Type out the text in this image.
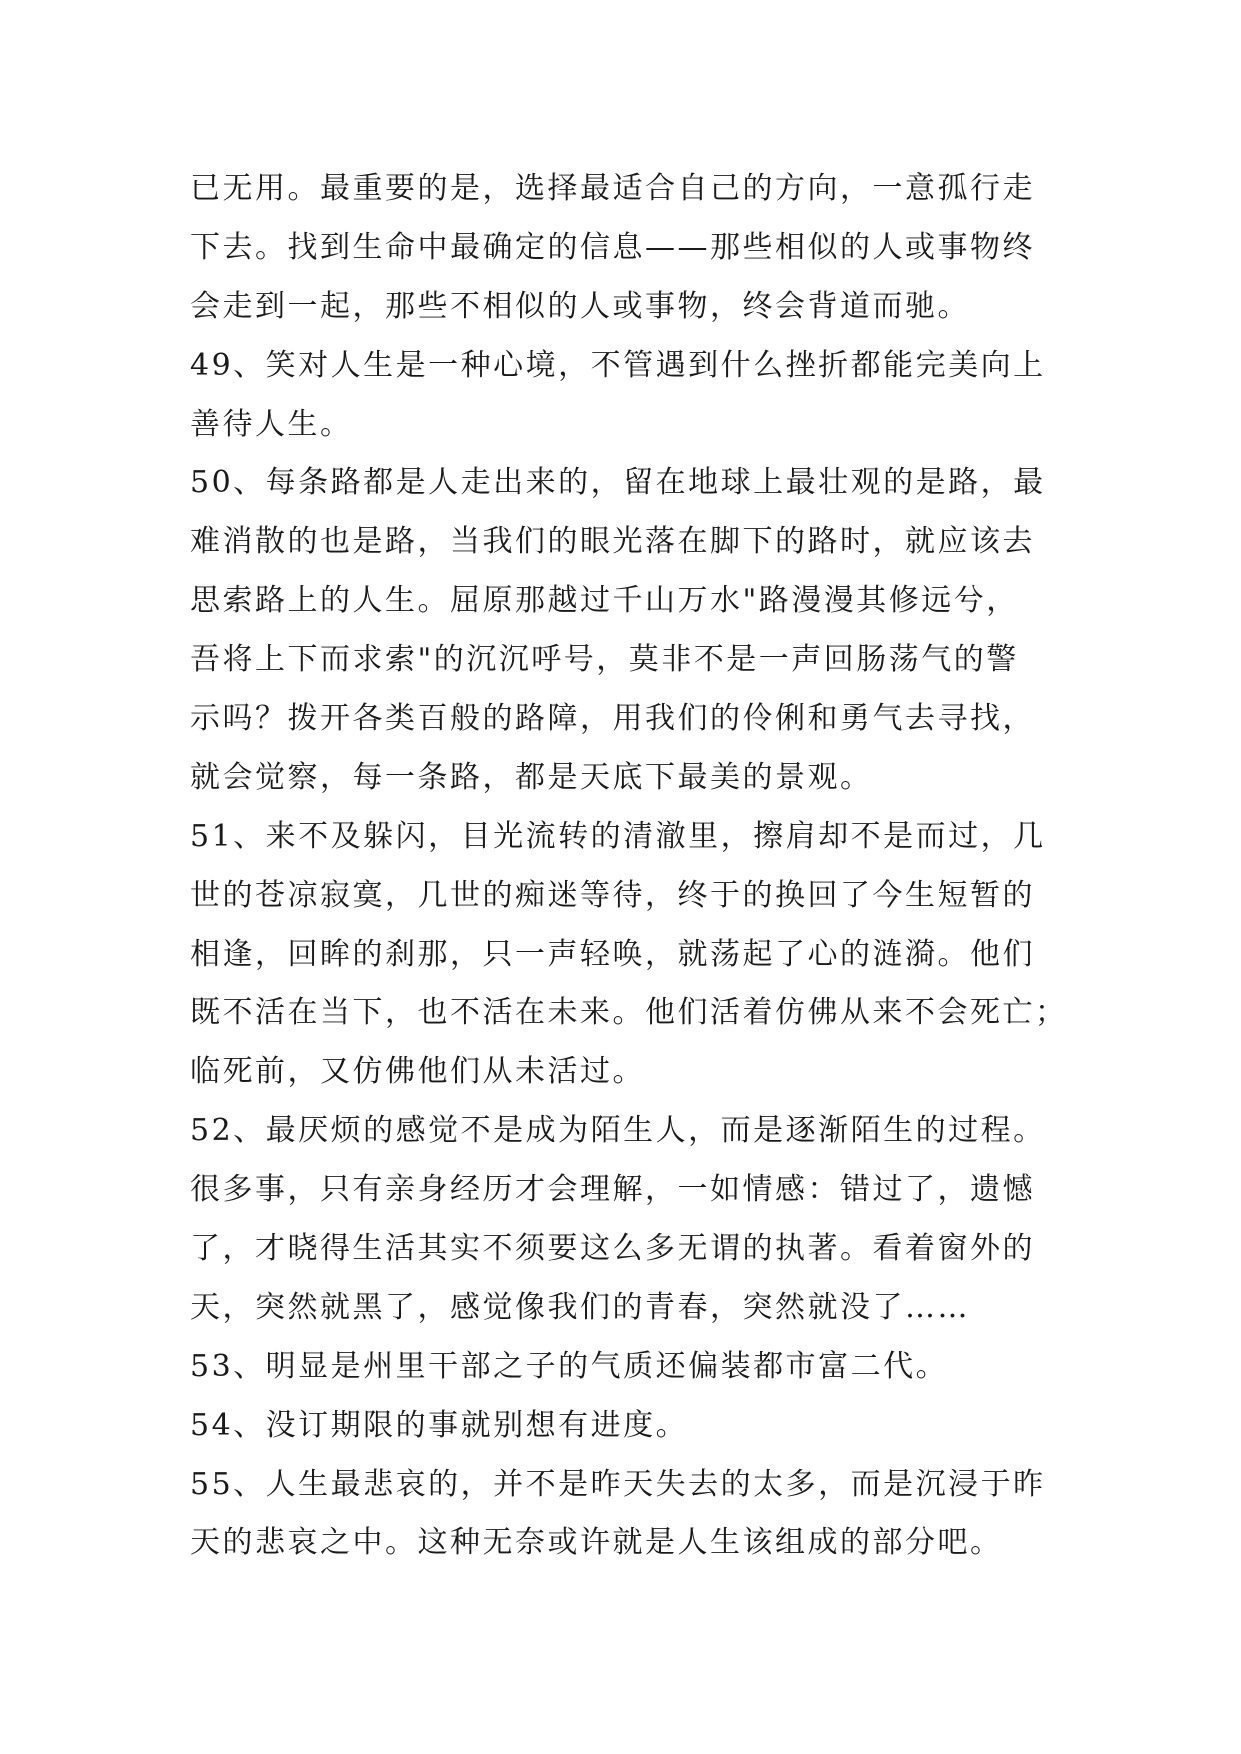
已无用。最重要的是，选择最适合自己的方向，一意孤行走
下去。找到生命中最确定的信息——那些相似的人或事物终
会走到一起，那些不相似的人或事物，终会背道而驰。
49、笑对人生是一种心境，不管遇到什么挫折都能完美向上
善待人生。
50、每条路都是人走出来的，留在地球上最壮观的是路，最
难消散的也是路，当我们的眼光落在脚下的路时，就应该去
思索路上的人生。屈原那越过千山万水"路漫漫其修远兮，
吾将上下而求索"的沉沉呼号，莫非不是一声回肠荡气的警
示吗？拨开各类百般的路障，用我们的伶俐和勇气去寻找，
就会觉察，每一条路，都是天底下最美的景观。
51、来不及躲闪，目光流转的清澈里，擦肩却不是而过，几
世的苍凉寂寞，几世的痴迷等待，终于的换回了今生短暂的
相逢，回眸的刹那，只一声轻唤，就荡起了心的涟漪。他们
既不活在当下，也不活在未来。他们活着仿佛从来不会死亡；
临死前，又仿佛他们从未活过。
52、最厌烦的感觉不是成为陌生人，而是逐渐陌生的过程。
很多事，只有亲身经历才会理解，一如情感：错过了，遗憾
了，才晓得生活其实不须要这么多无谓的执著。看着窗外的
天，突然就黑了，感觉像我们的青春，突然就没了……
53、明显是州里干部之子的气质还偏装都市富二代。
54、没订期限的事就别想有进度。
55、人生最悲哀的，并不是昨天失去的太多，而是沉浸于昨
天的悲哀之中。这种无奈或许就是人生该组成的部分吧。
